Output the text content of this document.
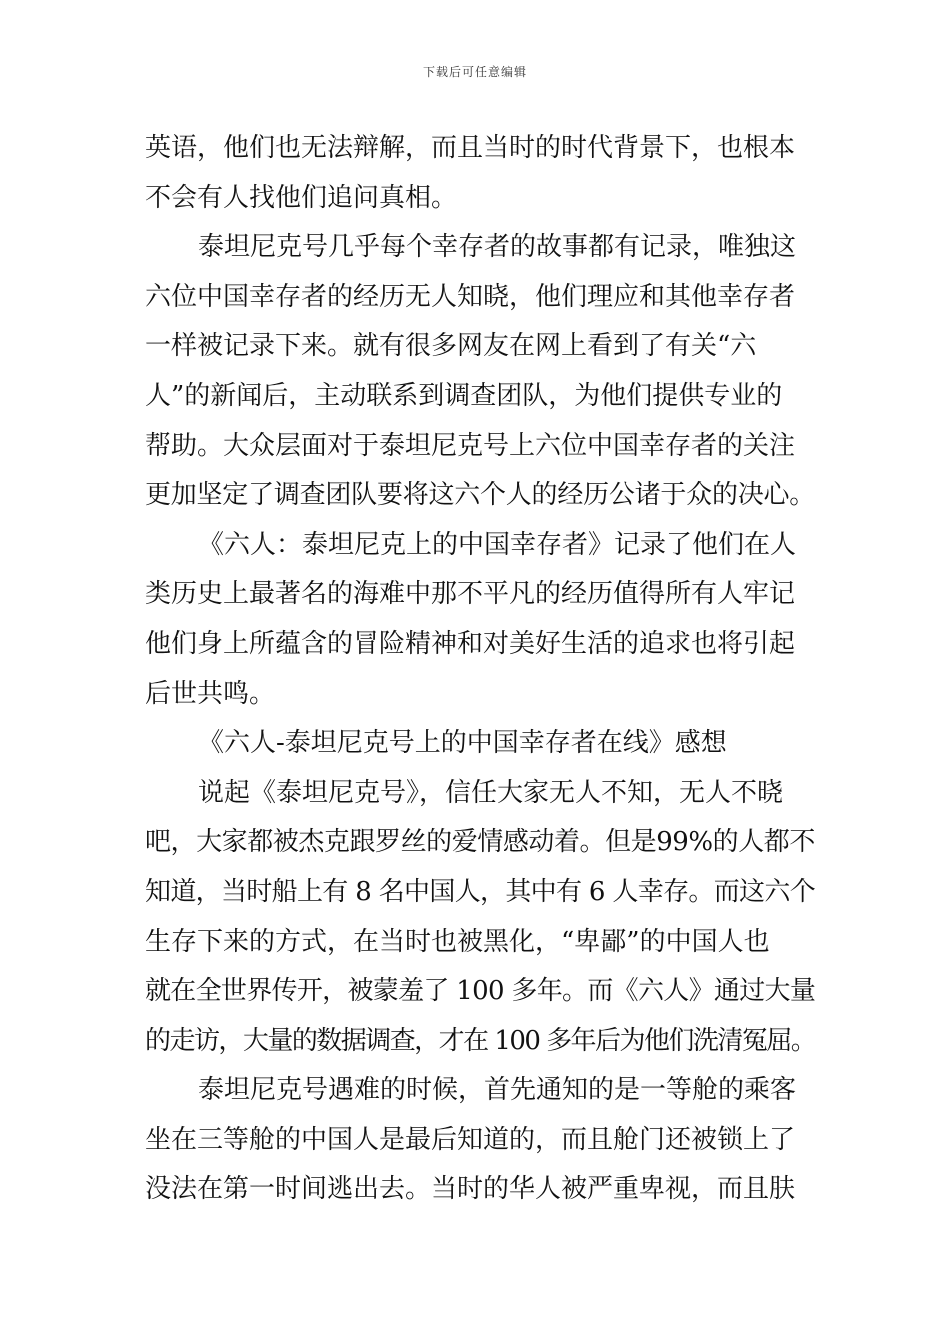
下载后可任意编辑
英语，他们也无法辩解，而且当时的时代背景下，也根本
不会有人找他们追问真相。
泰坦尼克号几乎每个幸存者的故事都有记录，唯独这
六位中国幸存者的经历无人知晓，他们理应和其他幸存者
一样被记录下来。就有很多网友在网上看到了有关“六
人”的新闻后，主动联系到调查团队，为他们提供专业的
帮助。大众层面对于泰坦尼克号上六位中国幸存者的关注
更加坚定了调查团队要将这六个人的经历公诸于众的决心。
《六人：泰坦尼克上的中国幸存者》记录了他们在人
类历史上最著名的海难中那不平凡的经历值得所有人牢记
他们身上所蕴含的冒险精神和对美好生活的追求也将引起
后世共鸣。
《六人-泰坦尼克号上的中国幸存者在线》感想
说起《泰坦尼克号》，信任大家无人不知，无人不晓
吧，大家都被杰克跟罗丝的爱情感动着。但是99%的人都不
知道，当时船上有 8 名中国人，其中有 6 人幸存。而这六个
生存下来的方式，在当时也被黑化，“卑鄙”的中国人也
就在全世界传开，被蒙羞了 100 多年。而《六人》通过大量
的走访，大量的数据调查，才在 100 多年后为他们洗清冤屈。
泰坦尼克号遇难的时候，首先通知的是一等舱的乘客
坐在三等舱的中国人是最后知道的，而且舱门还被锁上了
没法在第一时间逃出去。当时的华人被严重卑视，而且肤
